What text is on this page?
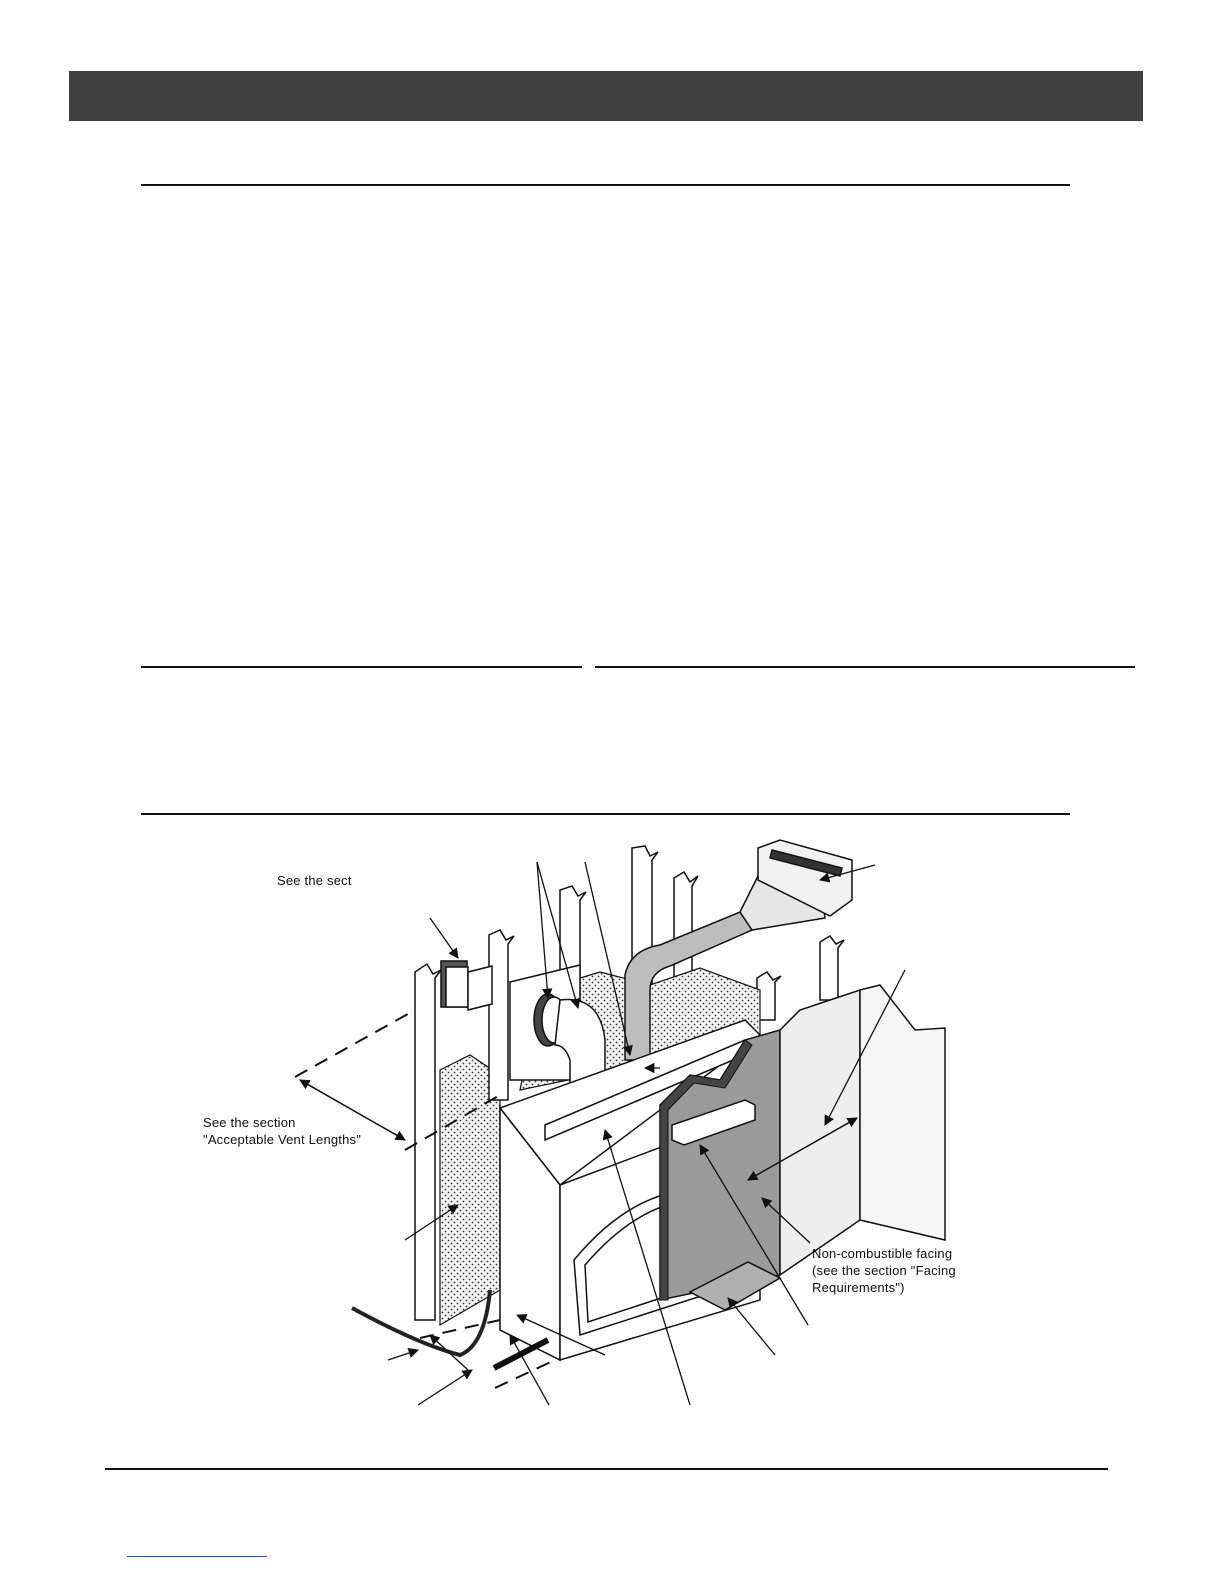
See the sect
See the section
"Acceptable Vent Lengths"
Non-combustible facing
(see the section "Facing
Requirements")
